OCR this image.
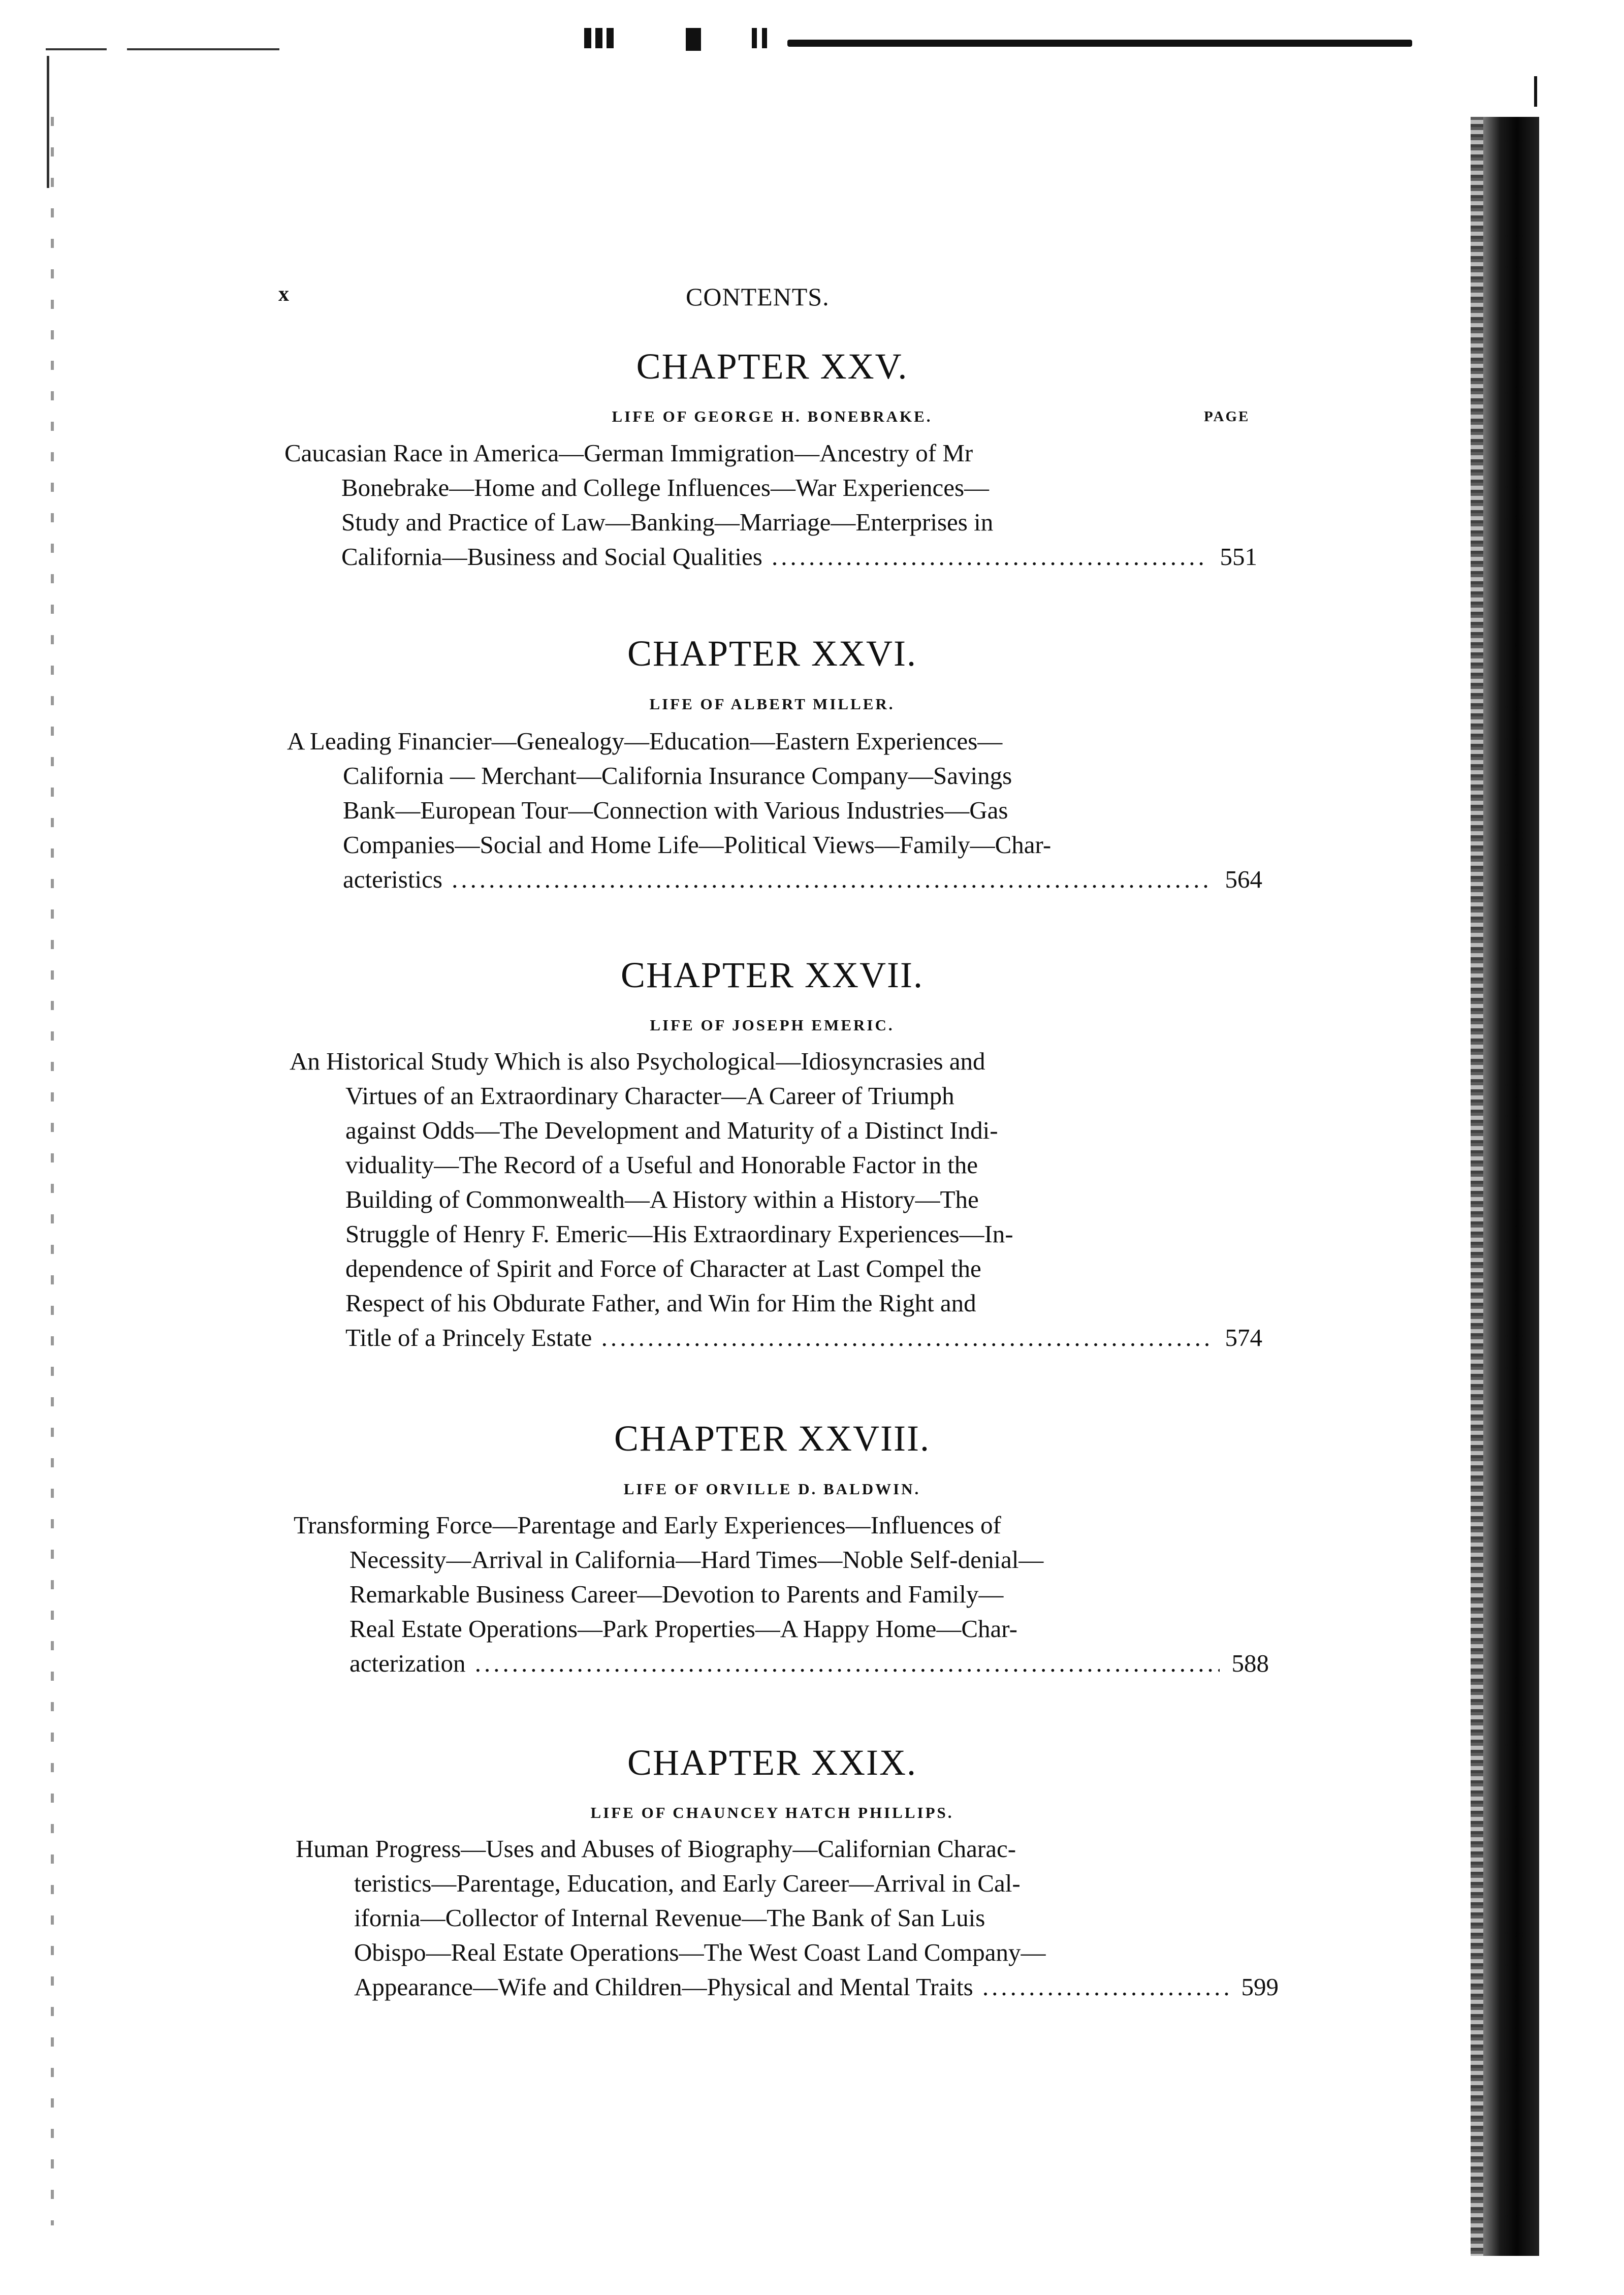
x	CONTENTS.
CHAPTER XXV.
LIFE OF GEORGE H. BONEBRAKE.	PAGE
Caucasian Race in America—German Immigration—Ancestry of Mr
Bonebrake—Home and College Influences—War Experiences—
Study and Practice of Law—Banking—Marriage—Enterprises in
California—Business and Social Qualities .....	551
CHAPTER XXVI.
LIFE OF ALBERT MILLER.
A Leading Financier—Genealogy—Education—Eastern Experiences—
California — Merchant—California Insurance Company—Savings
Bank—European Tour—Connection with Various Industries—Gas
Companies—Social and Home Life—Political Views—Family—Char-
acteristics .....	564
CHAPTER XXVII.
LIFE OF JOSEPH EMERIC.
An Historical Study Which is also Psychological—Idiosyncrasies and
Virtues of an Extraordinary Character—A Career of Triumph
against Odds—The Development and Maturity of a Distinct Indi-
viduality—The Record of a Useful and Honorable Factor in the
Building of Commonwealth—A History within a History—The
Struggle of Henry F. Emeric—His Extraordinary Experiences—In-
dependence of Spirit and Force of Character at Last Compel the
Respect of his Obdurate Father, and Win for Him the Right and
Title of a Princely Estate .....	574
CHAPTER XXVIII.
LIFE OF ORVILLE D. BALDWIN.
Transforming Force—Parentage and Early Experiences—Influences of
Necessity—Arrival in California—Hard Times—Noble Self-denial—
Remarkable Business Career—Devotion to Parents and Family—
Real Estate Operations—Park Properties—A Happy Home—Char-
acterization .....	588
CHAPTER XXIX.
LIFE OF CHAUNCEY HATCH PHILLIPS.
Human Progress—Uses and Abuses of Biography—Californian Charac-
teristics—Parentage, Education, and Early Career—Arrival in Cal-
ifornia—Collector of Internal Revenue—The Bank of San Luis
Obispo—Real Estate Operations—The West Coast Land Company—
Appearance—Wife and Children—Physical and Mental Traits .....	599
